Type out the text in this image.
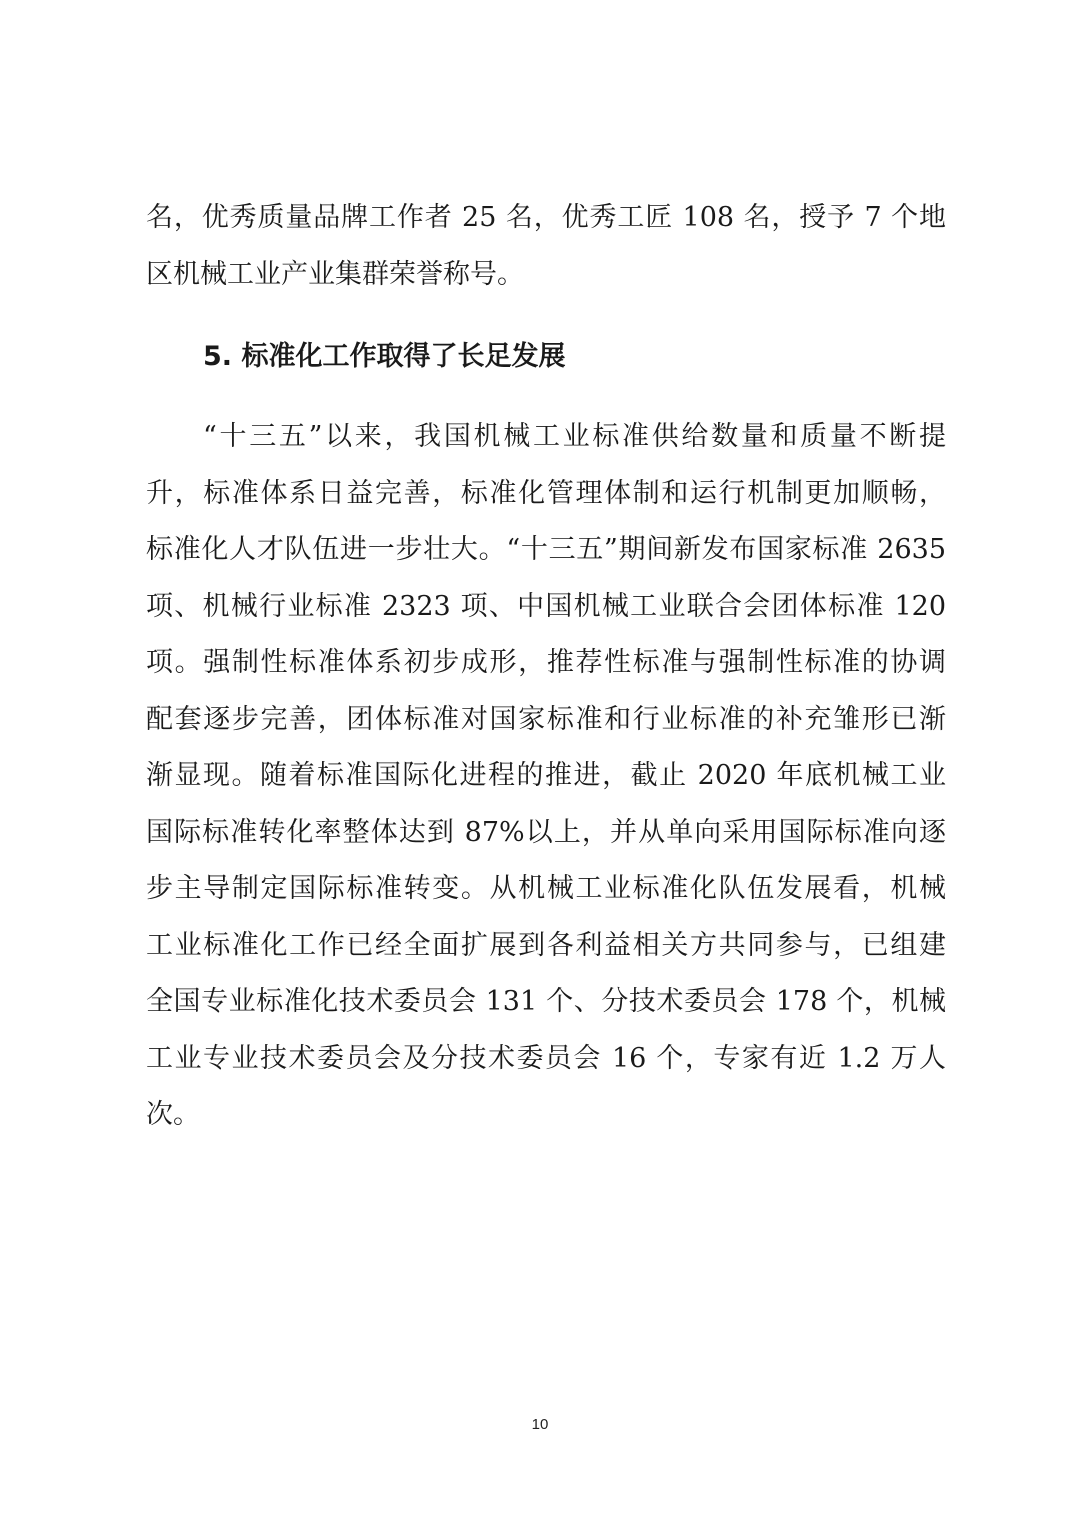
名，优秀质量品牌工作者 25 名，优秀工匠 108 名，授予 7 个地
区机械工业产业集群荣誉称号。
5. 标准化工作取得了长足发展
“十三五”以来，我国机械工业标准供给数量和质量不断提
升，标准体系日益完善，标准化管理体制和运行机制更加顺畅，
标准化人才队伍进一步壮大。“十三五”期间新发布国家标准 2635
项、机械行业标准 2323 项、中国机械工业联合会团体标准 120
项。强制性标准体系初步成形，推荐性标准与强制性标准的协调
配套逐步完善，团体标准对国家标准和行业标准的补充雏形已渐
渐显现。随着标准国际化进程的推进，截止 2020 年底机械工业
国际标准转化率整体达到 87%以上，并从单向采用国际标准向逐
步主导制定国际标准转变。从机械工业标准化队伍发展看，机械
工业标准化工作已经全面扩展到各利益相关方共同参与，已组建
全国专业标准化技术委员会 131 个、分技术委员会 178 个，机械
工业专业技术委员会及分技术委员会 16 个，专家有近 1.2 万人
次。
10
